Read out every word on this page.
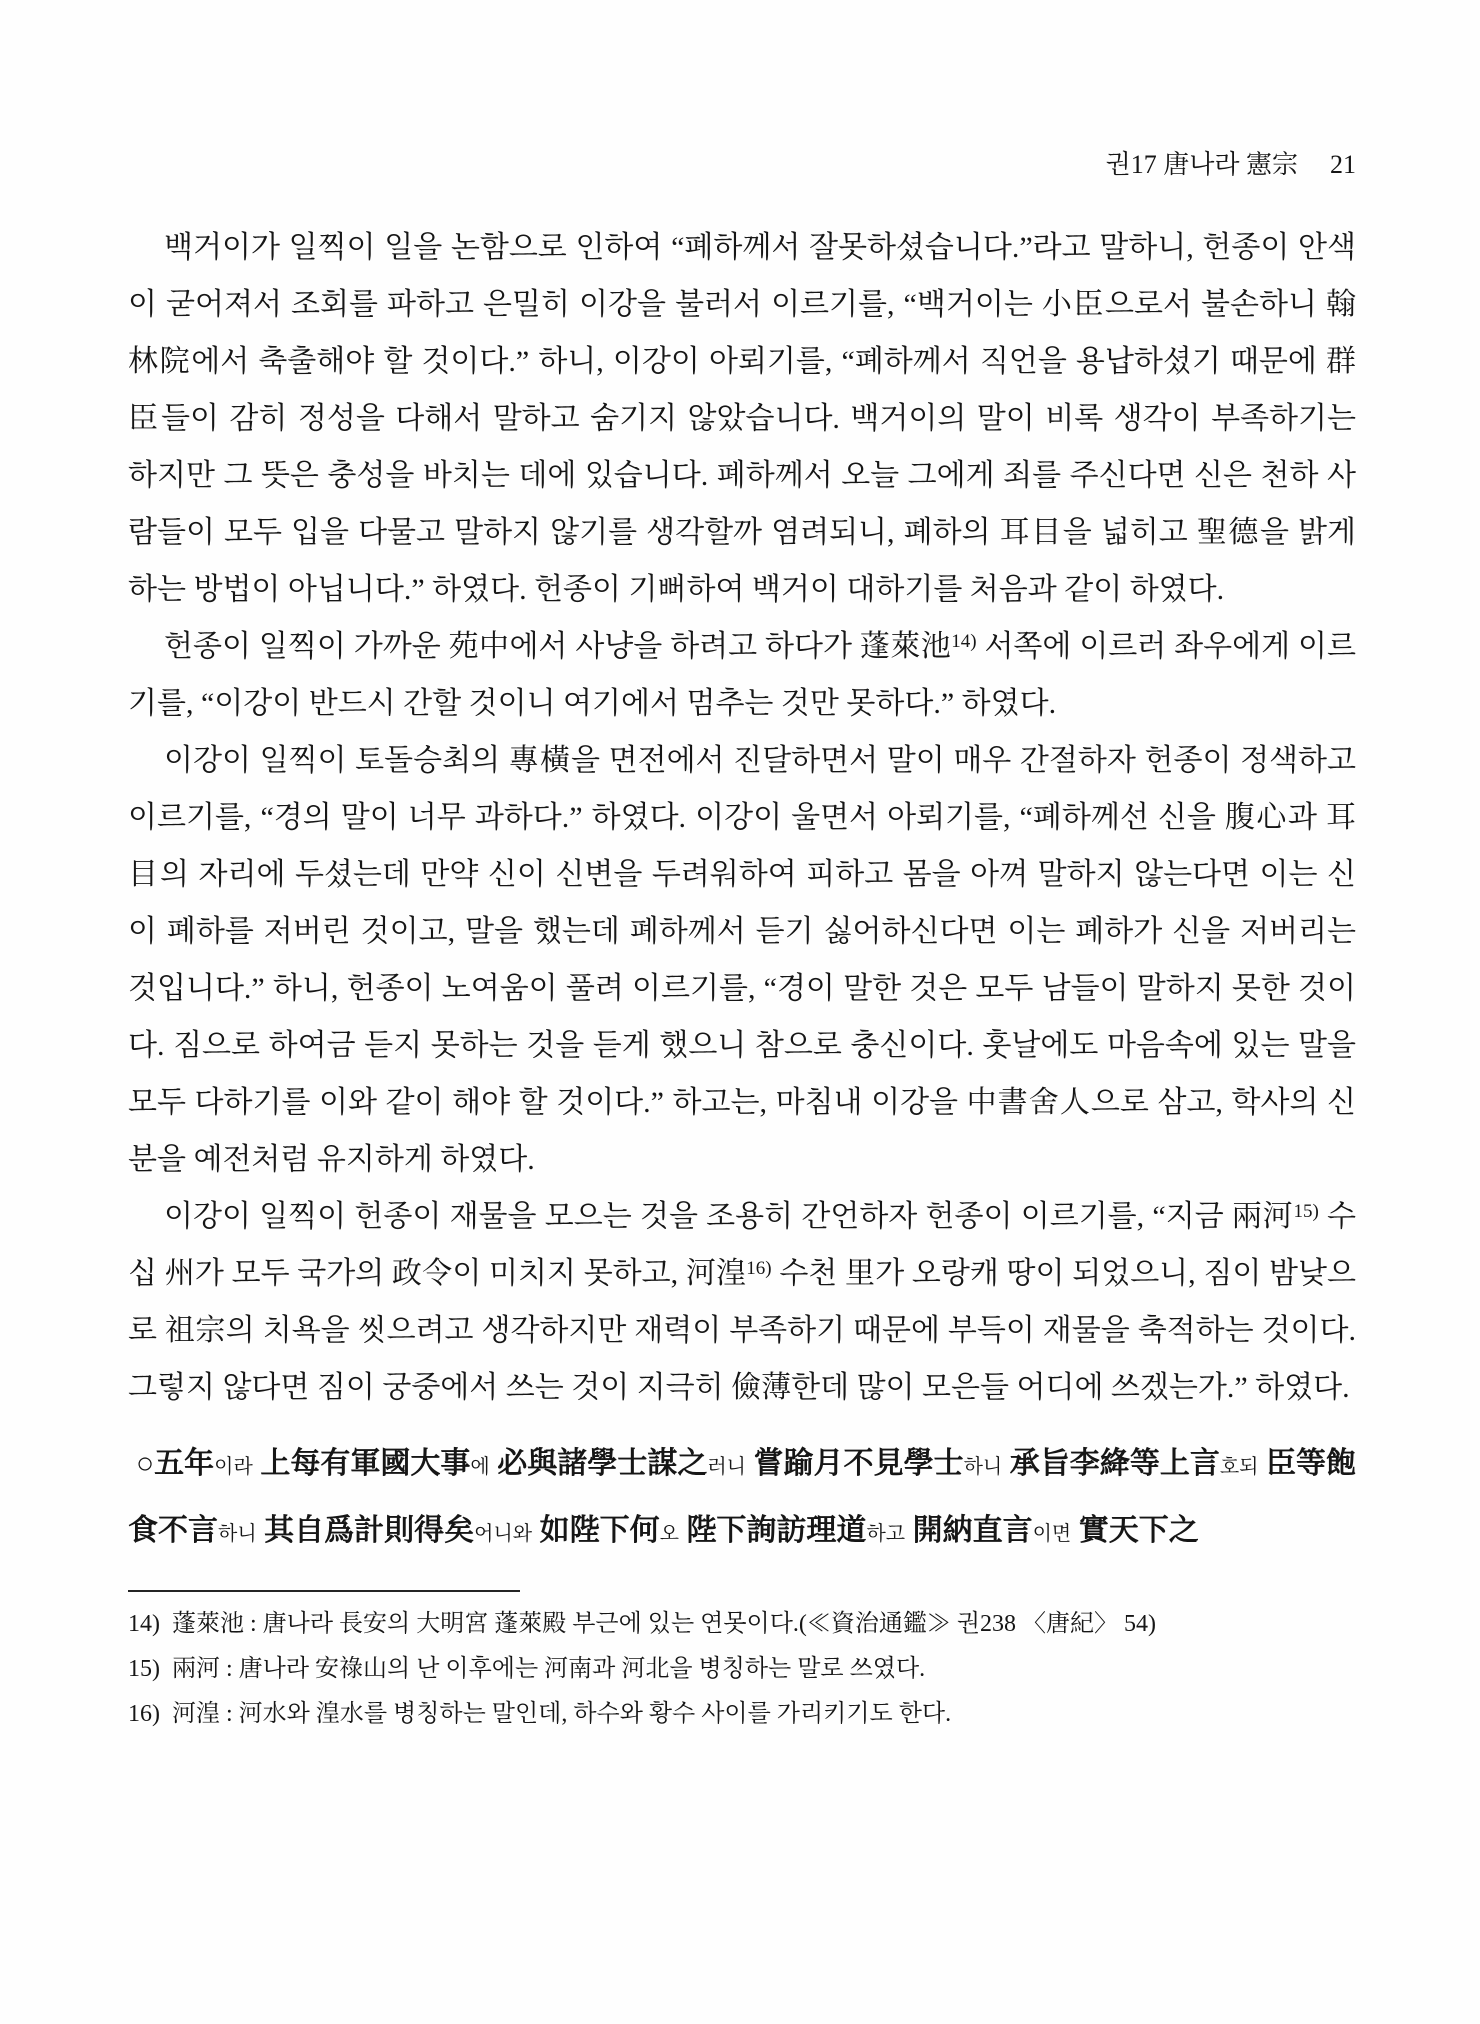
권17 唐나라 憲宗 21

백거이가 일찍이 일을 논함으로 인하여 “폐하께서 잘못하셨습니다.”라고 말하니, 헌종이 안색이 굳어져서 조회를 파하고 은밀히 이강을 불러서 이르기를, “백거이는 小臣으로서 불손하니 翰林院에서 축출해야 할 것이다.” 하니, 이강이 아뢰기를, “폐하께서 직언을 용납하셨기 때문에 群臣들이 감히 정성을 다해서 말하고 숨기지 않았습니다. 백거이의 말이 비록 생각이 부족하기는 하지만 그 뜻은 충성을 바치는 데에 있습니다. 폐하께서 오늘 그에게 죄를 주신다면 신은 천하 사람들이 모두 입을 다물고 말하지 않기를 생각할까 염려되니, 폐하의 耳目을 넓히고 聖德을 밝게 하는 방법이 아닙니다.” 하였다. 헌종이 기뻐하여 백거이 대하기를 처음과 같이 하였다.

헌종이 일찍이 가까운 苑中에서 사냥을 하려고 하다가 蓬萊池$^{14)}$ 서쪽에 이르러 좌우에게 이르기를, “이강이 반드시 간할 것이니 여기에서 멈추는 것만 못하다.” 하였다.

이강이 일찍이 토돌승최의 專橫을 면전에서 진달하면서 말이 매우 간절하자 헌종이 정색하고 이르기를, “경의 말이 너무 과하다.” 하였다. 이강이 울면서 아뢰기를, “폐하께선 신을 腹心과 耳目의 자리에 두셨는데 만약 신이 신변을 두려워하여 피하고 몸을 아껴 말하지 않는다면 이는 신이 폐하를 저버린 것이고, 말을 했는데 폐하께서 듣기 싫어하신다면 이는 폐하가 신을 저버리는 것입니다.” 하니, 헌종이 노여움이 풀려 이르기를, “경이 말한 것은 모두 남들이 말하지 못한 것이다. 짐으로 하여금 듣지 못하는 것을 듣게 했으니 참으로 충신이다. 훗날에도 마음속에 있는 말을 모두 다하기를 이와 같이 해야 할 것이다.” 하고는, 마침내 이강을 中書舍人으로 삼고, 학사의 신분을 예전처럼 유지하게 하였다.

이강이 일찍이 헌종이 재물을 모으는 것을 조용히 간언하자 헌종이 이르기를, “지금 兩河$^{15)}$ 수십 州가 모두 국가의 政令이 미치지 못하고, 河湟$^{16)}$ 수천 里가 오랑캐 땅이 되었으니, 짐이 밤낮으로 祖宗의 치욕을 씻으려고 생각하지만 재력이 부족하기 때문에 부득이 재물을 축적하는 것이다. 그렇지 않다면 짐이 궁중에서 쓰는 것이 지극히 儉薄한데 많이 모은들 어디에 쓰겠는가.” 하였다.

○五年이라 上每有軍國大事에 必與諸學士謀之러니 嘗踰月不見學士하니 承旨李絳等上言호되 臣等飽食不言하니 其自爲計則得矣어니와 如陛下何오 陛下詢訪理道하고 開納直言이면 實天下之

14) 蓬萊池 : 唐나라 長安의 大明宮 蓬萊殿 부근에 있는 연못이다.(≪資治通鑑≫ 권238 〈唐紀〉 54)

15) 兩河 : 唐나라 安祿山의 난 이후에는 河南과 河北을 병칭하는 말로 쓰였다.

16) 河湟 : 河水와 湟水를 병칭하는 말인데, 하수와 황수 사이를 가리키기도 한다.
